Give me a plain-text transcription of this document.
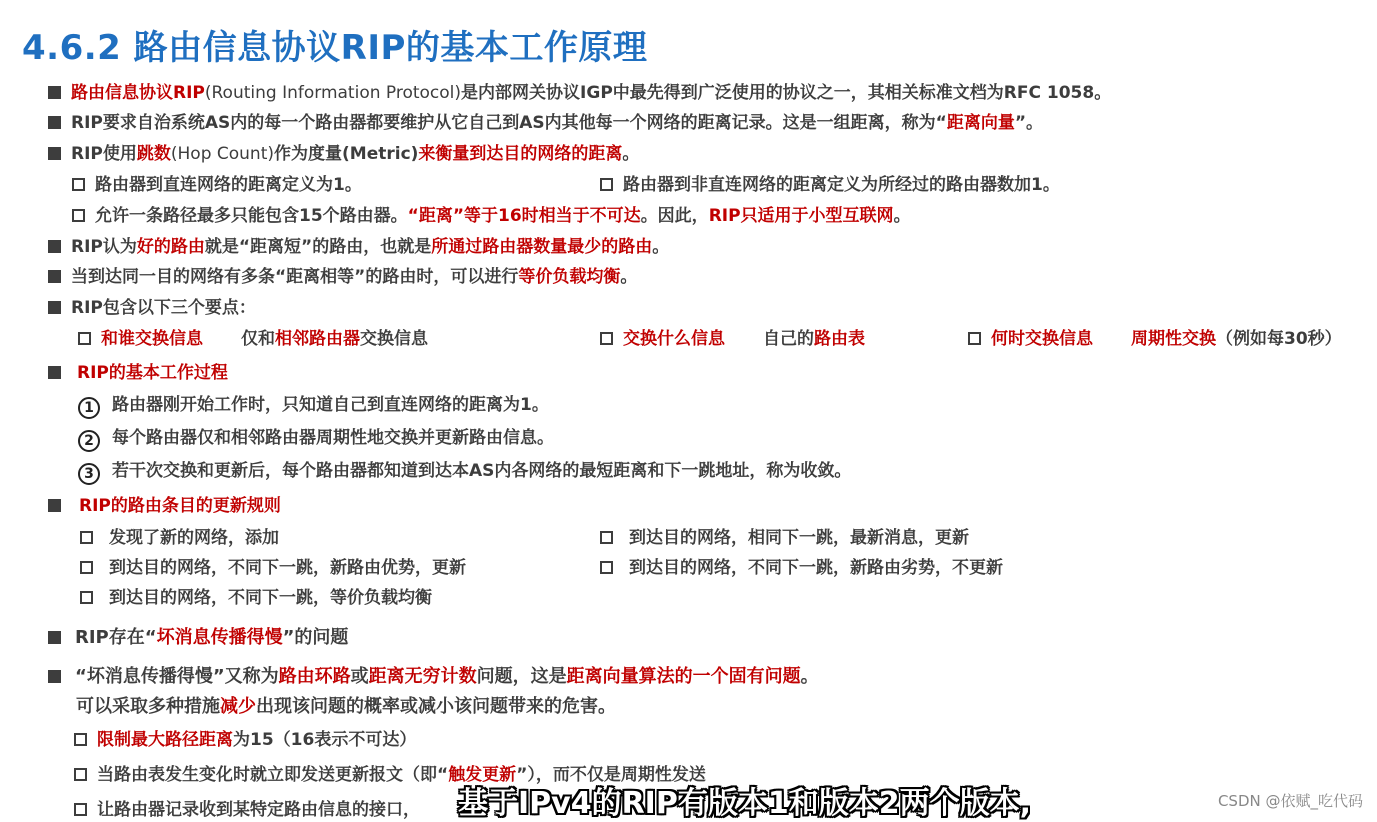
4.6.2 路由信息协议RIP的基本工作原理
路由信息协议RIP(Routing Information Protocol)是内部网关协议IGP中最先得到广泛使用的协议之一，其相关标准文档为RFC 1058。
RIP要求自治系统AS内的每一个路由器都要维护从它自己到AS内其他每一个网络的距离记录。这是一组距离，称为“距离向量”。
RIP使用跳数(Hop Count)作为度量(Metric)来衡量到达目的网络的距离。
路由器到直连网络的距离定义为1。	路由器到非直连网络的距离定义为所经过的路由器数加1。
允许一条路径最多只能包含15个路由器。“距离”等于16时相当于不可达。因此，RIP只适用于小型互联网。
RIP认为好的路由就是“距离短”的路由，也就是所通过路由器数量最少的路由。
当到达同一目的网络有多条“距离相等”的路由时，可以进行等价负载均衡。
RIP包含以下三个要点：
和谁交换信息 仅和相邻路由器交换信息	交换什么信息 自己的路由表	何时交换信息 周期性交换（例如每30秒）
RIP的基本工作过程
1 路由器刚开始工作时，只知道自己到直连网络的距离为1。
2 每个路由器仅和相邻路由器周期性地交换并更新路由信息。
3 若干次交换和更新后，每个路由器都知道到达本AS内各网络的最短距离和下一跳地址，称为收敛。
RIP的路由条目的更新规则
发现了新的网络，添加	到达目的网络，相同下一跳，最新消息，更新
到达目的网络，不同下一跳，新路由优势，更新	到达目的网络，不同下一跳，新路由劣势，不更新
到达目的网络，不同下一跳，等价负载均衡
RIP存在“坏消息传播得慢”的问题
“坏消息传播得慢”又称为路由环路或距离无穷计数问题，这是距离向量算法的一个固有问题。
可以采取多种措施减少出现该问题的概率或减小该问题带来的危害。
限制最大路径距离为15（16表示不可达）
当路由表发生变化时就立即发送更新报文（即“触发更新”），而不仅是周期性发送
让路由器记录收到某特定路由信息的接口， 基于IPv4的RIP有版本1和版本2两个版本,	CSDN @依赋_吃代码
